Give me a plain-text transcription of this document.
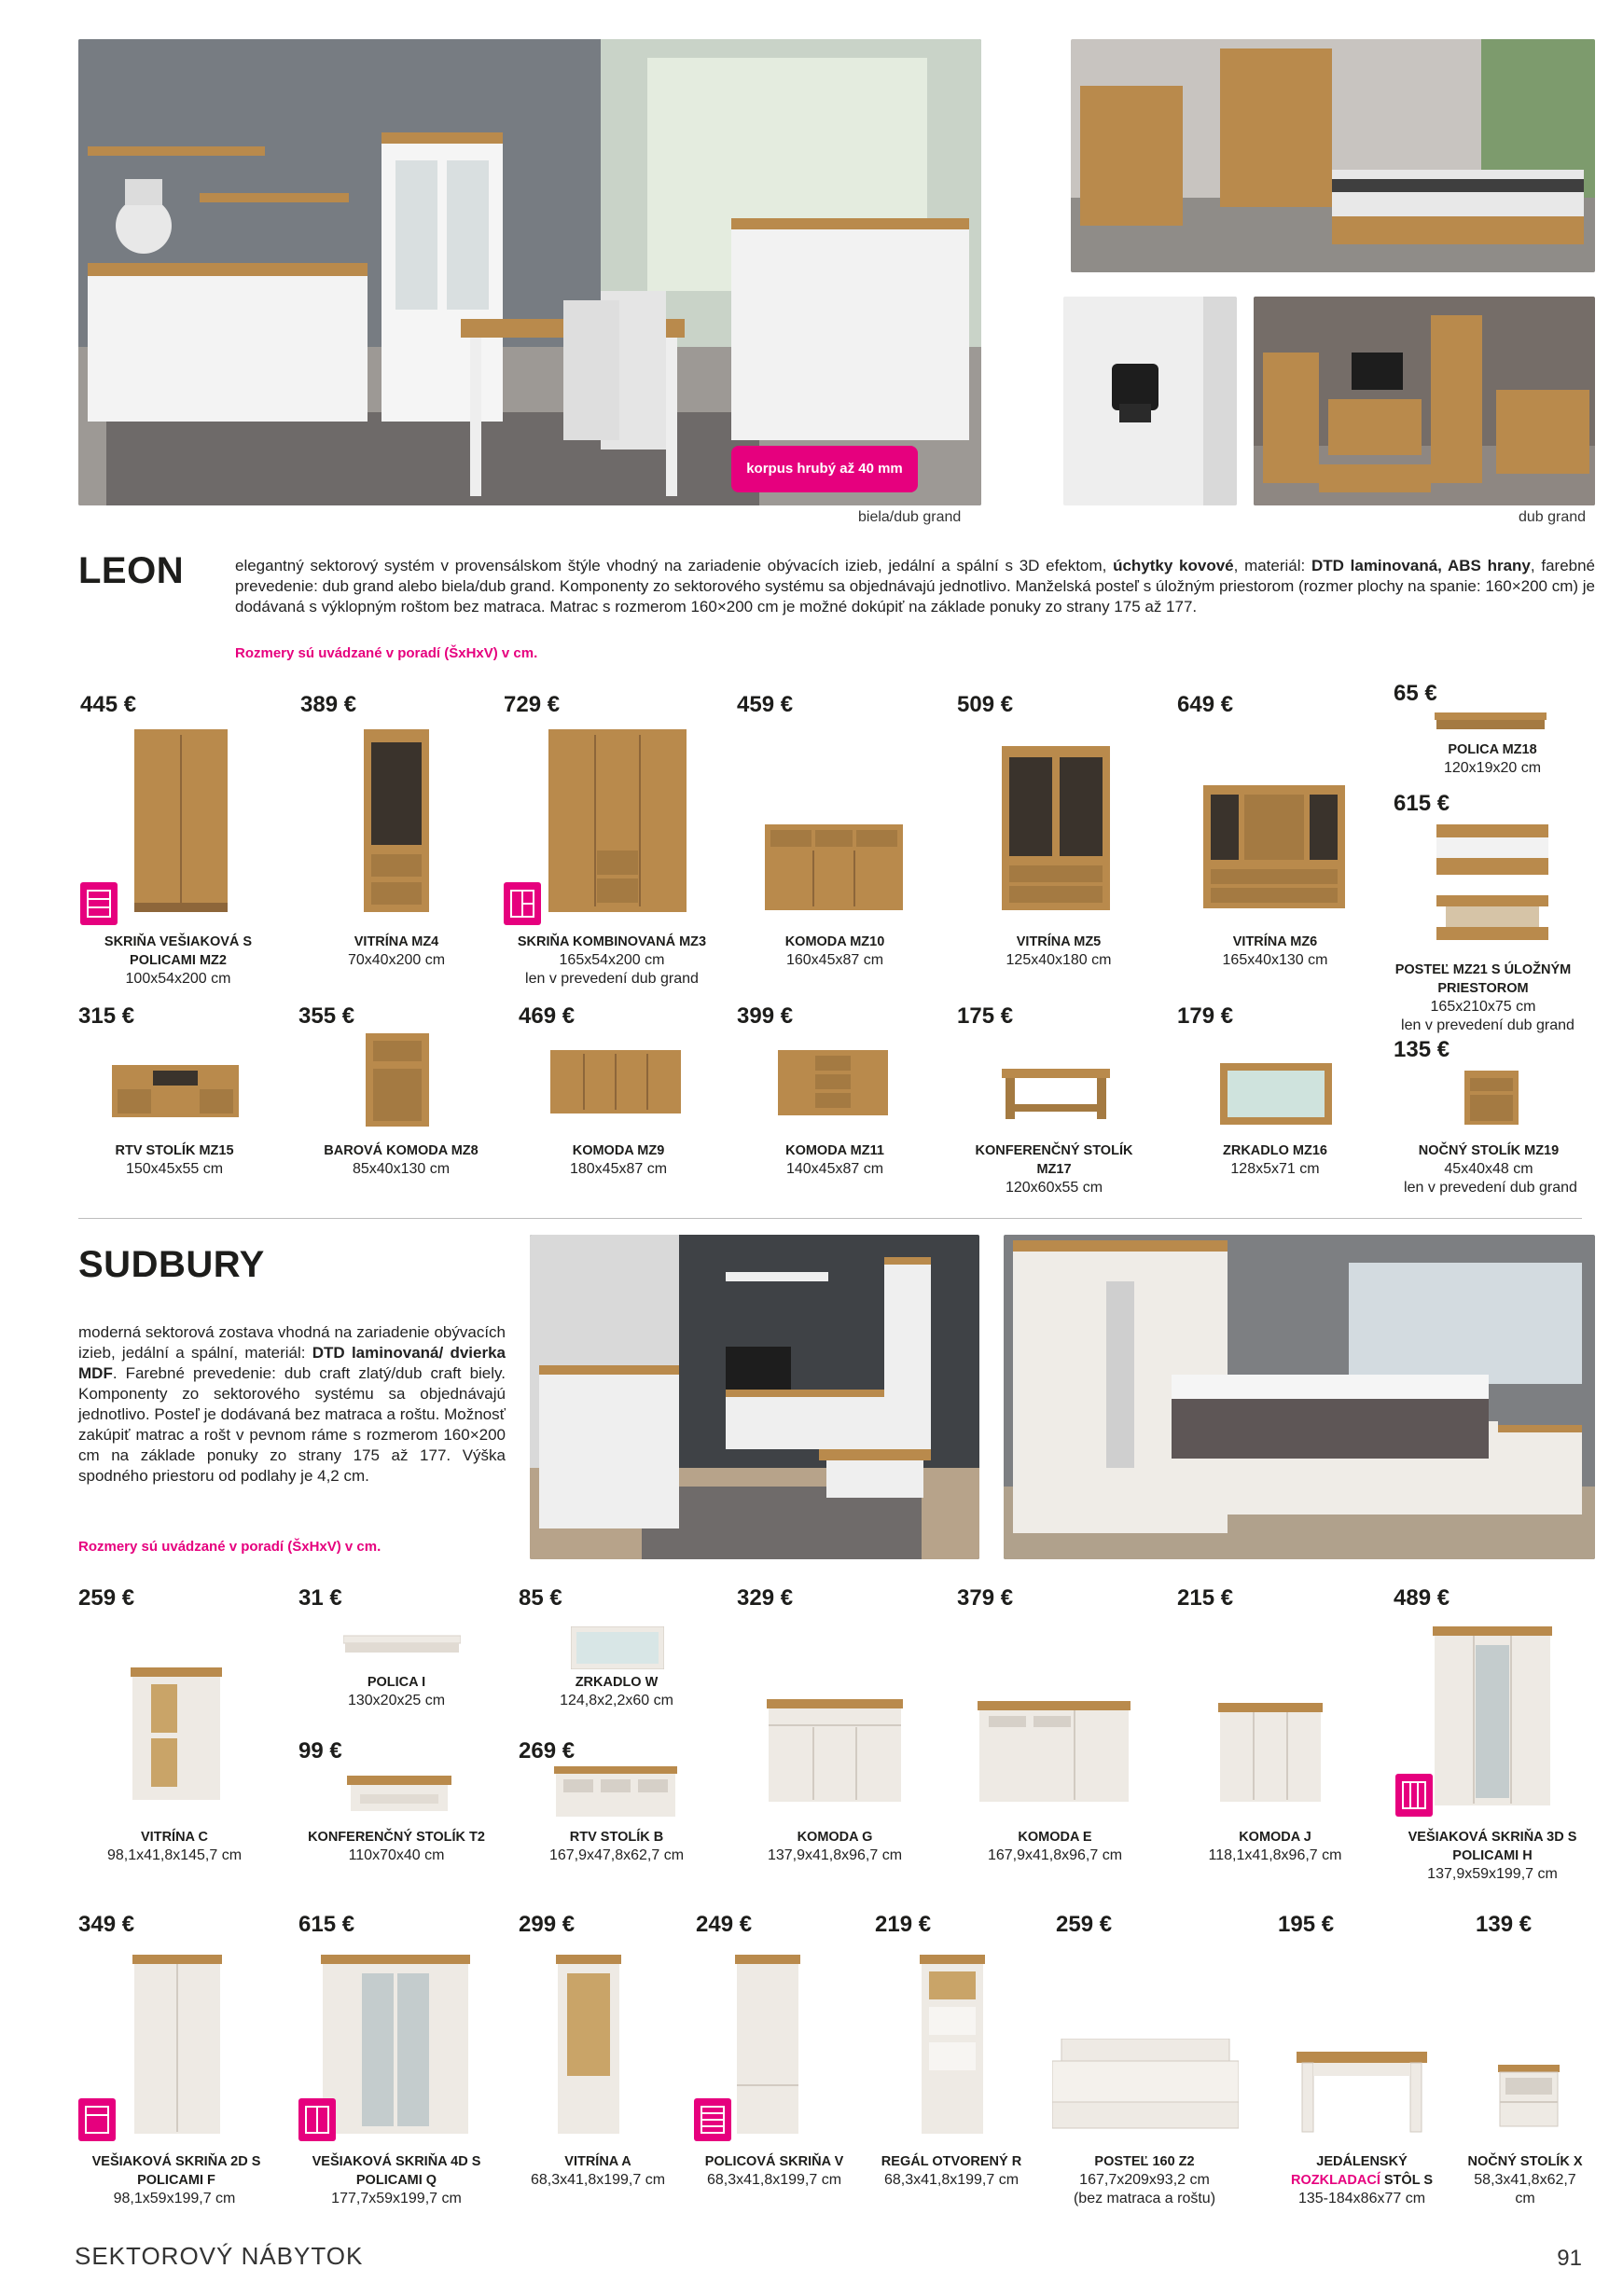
korpus hrubý až 40 mm
biela/dub grand	dub grand
LEON	elegantný sektorový systém v provensálskom štýle vhodný na zariadenie obývacích izieb, jedální a spální s 3D efektom, úchytky kovové, materiál: DTD laminovaná, ABS hrany, farebné prevedenie: dub grand alebo biela/dub grand. Komponenty zo sektorového systému sa objednávajú jednotlivo. Manželská posteľ s úložným priestorom (rozmer plochy na spanie: 160×200 cm) je dodávaná s výklopným roštom bez matraca. Matrac s rozmerom 160×200 cm je možné dokúpiť na základe ponuky zo strany 175 až 177.
Rozmery sú uvádzané v poradí (ŠxHxV) v cm.
445 €
SKRIŇA VEŠIAKOVÁ S POLICAMI MZ2
100x54x200 cm
389 €
VITRÍNA MZ4
70x40x200 cm
729 €
SKRIŇA KOMBINOVANÁ MZ3
165x54x200 cm
len v prevedení dub grand
459 €
KOMODA MZ10
160x45x87 cm
509 €
VITRÍNA MZ5
125x40x180 cm
649 €
VITRÍNA MZ6
165x40x130 cm
65 €
POLICA MZ18
120x19x20 cm
615 €
POSTEĽ MZ21 S ÚLOŽNÝM PRIESTOROM
165x210x75 cm
len v prevedení dub grand
315 €
RTV STOLÍK MZ15
150x45x55 cm
355 €
BAROVÁ KOMODA MZ8
85x40x130 cm
469 €
KOMODA MZ9
180x45x87 cm
399 €
KOMODA MZ11
140x45x87 cm
175 €
KONFERENČNÝ STOLÍK MZ17
120x60x55 cm
179 €
ZRKADLO MZ16
128x5x71 cm
135 €
NOČNÝ STOLÍK MZ19
45x40x48 cm
len v prevedení dub grand
SUDBURY
moderná sektorová zostava vhodná na zariadenie obývacích izieb, jedální a spální, materiál: DTD laminovaná/ dvierka MDF. Farebné prevedenie: dub craft zlatý/dub craft biely. Komponenty zo sektorového systému sa objednávajú jednotlivo. Posteľ je dodávaná bez matraca a roštu. Možnosť zakúpiť matrac a rošt v pevnom ráme s rozmerom 160×200 cm na základe ponuky zo strany 175 až 177. Výška spodného priestoru od podlahy je 4,2 cm.
Rozmery sú uvádzané v poradí (ŠxHxV) v cm.
259 €
VITRÍNA C
98,1x41,8x145,7 cm
31 €
POLICA I
130x20x25 cm
85 €
ZRKADLO W
124,8x2,2x60 cm
99 €
KONFERENČNÝ STOLÍK T2
110x70x40 cm
269 €
RTV STOLÍK B
167,9x47,8x62,7 cm
329 €
KOMODA G
137,9x41,8x96,7 cm
379 €
KOMODA E
167,9x41,8x96,7 cm
215 €
KOMODA J
118,1x41,8x96,7 cm
489 €
VEŠIAKOVÁ SKRIŇA 3D S POLICAMI H
137,9x59x199,7 cm
349 €
VEŠIAKOVÁ SKRIŇA 2D S POLICAMI F
98,1x59x199,7 cm
615 €
VEŠIAKOVÁ SKRIŇA 4D S POLICAMI Q
177,7x59x199,7 cm
299 €
VITRÍNA A
68,3x41,8x199,7 cm
249 €
POLICOVÁ SKRIŇA V
68,3x41,8x199,7 cm
219 €
REGÁL OTVORENÝ R
68,3x41,8x199,7 cm
259 €
POSTEĽ 160 Z2
167,7x209x93,2 cm
(bez matraca a roštu)
195 €
JEDÁLENSKÝ
ROZKLADACÍ STÔL S
135-184x86x77 cm
139 €
NOČNÝ STOLÍK X
58,3x41,8x62,7 cm
SEKTOROVÝ NÁBYTOK	91
